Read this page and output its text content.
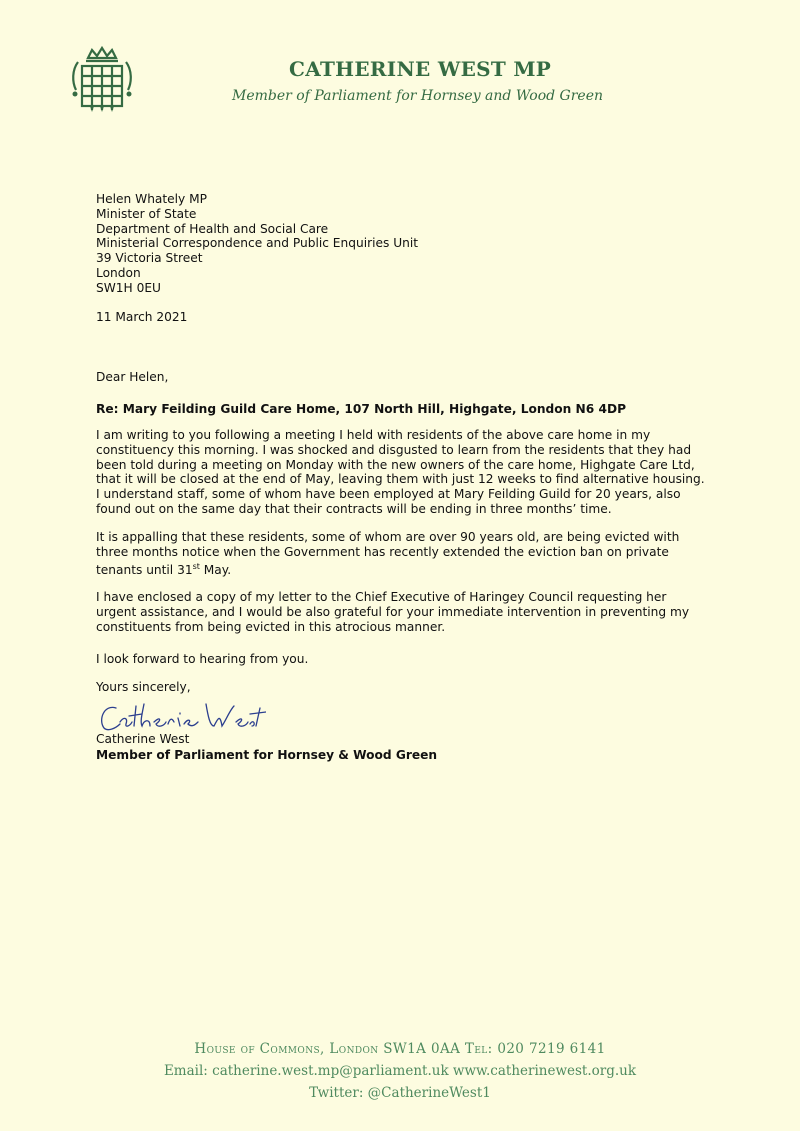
CATHERINE WEST MP
Member of Parliament for Hornsey and Wood Green
Helen Whately MP
Minister of State
Department of Health and Social Care
Ministerial Correspondence and Public Enquiries Unit
39 Victoria Street
London
SW1H 0EU
11 March 2021
Dear Helen,
Re: Mary Feilding Guild Care Home, 107 North Hill, Highgate, London N6 4DP

I am writing to you following a meeting I held with residents of the above care home in my constituency this morning. I was shocked and disgusted to learn from the residents that they had been told during a meeting on Monday with the new owners of the care home, Highgate Care Ltd, that it will be closed at the end of May, leaving them with just 12 weeks to find alternative housing. I understand staff, some of whom have been employed at Mary Feilding Guild for 20 years, also found out on the same day that their contracts will be ending in three months’ time.

It is appalling that these residents, some of whom are over 90 years old, are being evicted with three months notice when the Government has recently extended the eviction ban on private tenants until 31st May.

I have enclosed a copy of my letter to the Chief Executive of Haringey Council requesting her urgent assistance, and I would be also grateful for your immediate intervention in preventing my constituents from being evicted in this atrocious manner.

I look forward to hearing from you.

Yours sincerely,
Catherine West
Member of Parliament for Hornsey & Wood Green
House of Commons, London SW1A 0AA Tel: 020 7219 6141
Email: catherine.west.mp@parliament.uk www.catherinewest.org.uk
Twitter: @CatherineWest1
